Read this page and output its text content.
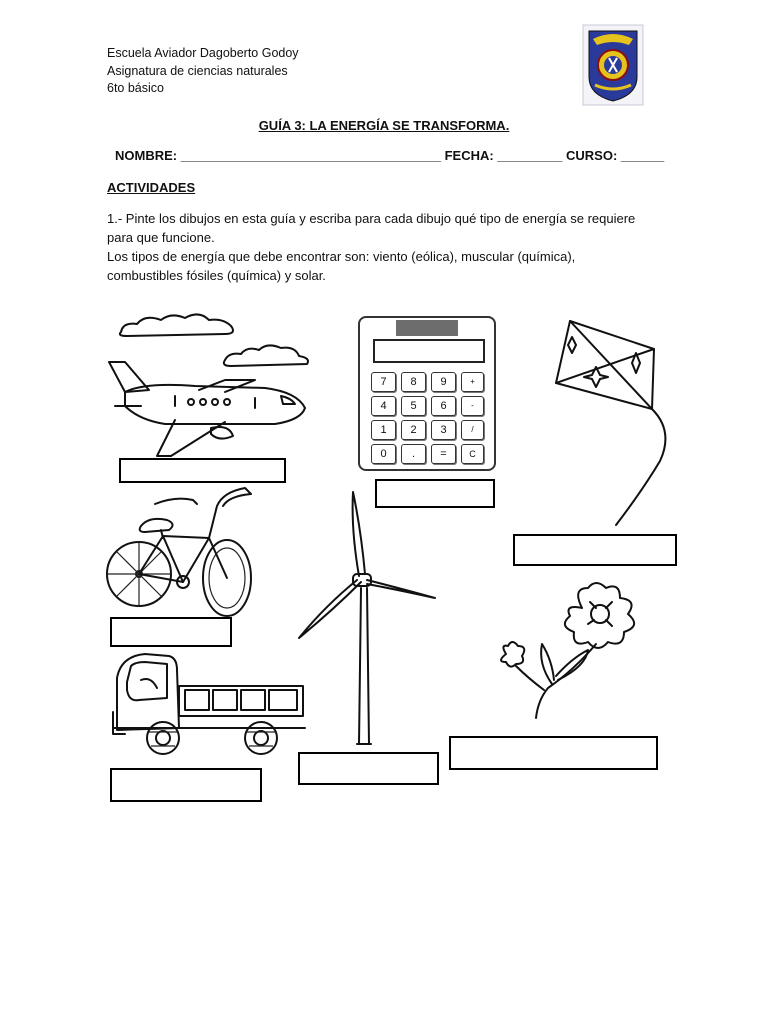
Escuela Aviador Dagoberto Godoy
Asignatura de ciencias naturales
6to básico
GUÍA 3: LA ENERGÍA SE TRANSFORMA.
NOMBRE: ____________________________________ FECHA: _________ CURSO: ______
ACTIVIDADES
1.- Pinte los dibujos en esta guía y escriba para cada dibujo qué tipo de energía se requiere
para que funcione.
Los tipos de energía que debe encontrar son: viento (eólica), muscular (química),
combustibles fósiles (química) y solar.
7	8	9	+
4	5	6	-
1	2	3	/
0	.	=	C
